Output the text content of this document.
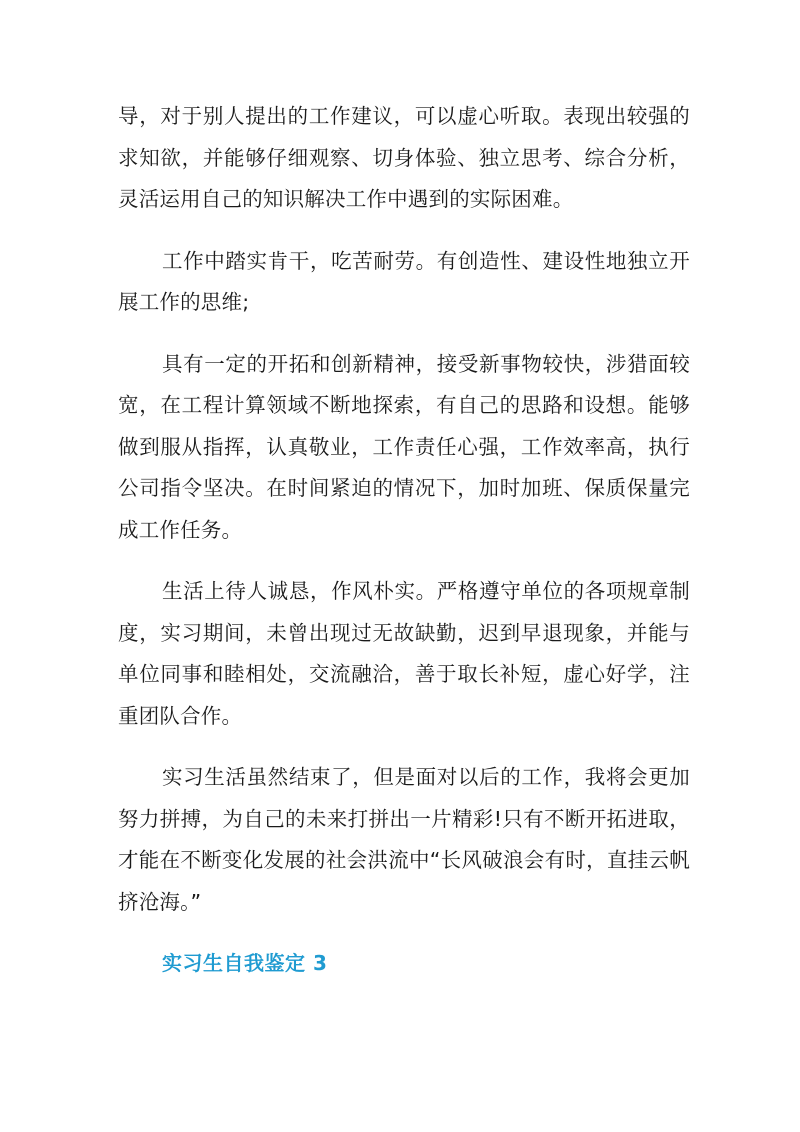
导，对于别人提出的工作建议，可以虚心听取。表现出较强的求知欲，并能够仔细观察、切身体验、独立思考、综合分析，灵活运用自己的知识解决工作中遇到的实际困难。

工作中踏实肯干，吃苦耐劳。有创造性、建设性地独立开展工作的思维;

具有一定的开拓和创新精神，接受新事物较快，涉猎面较宽，在工程计算领域不断地探索，有自己的思路和设想。能够做到服从指挥，认真敬业，工作责任心强，工作效率高，执行公司指令坚决。在时间紧迫的情况下，加时加班、保质保量完成工作任务。

生活上待人诚恳，作风朴实。严格遵守单位的各项规章制度，实习期间，未曾出现过无故缺勤，迟到早退现象，并能与单位同事和睦相处，交流融洽，善于取长补短，虚心好学，注重团队合作。

实习生活虽然结束了，但是面对以后的工作，我将会更加努力拼搏，为自己的未来打拼出一片精彩!只有不断开拓进取，才能在不断变化发展的社会洪流中“长风破浪会有时，直挂云帆挤沧海。”

实习生自我鉴定 3
